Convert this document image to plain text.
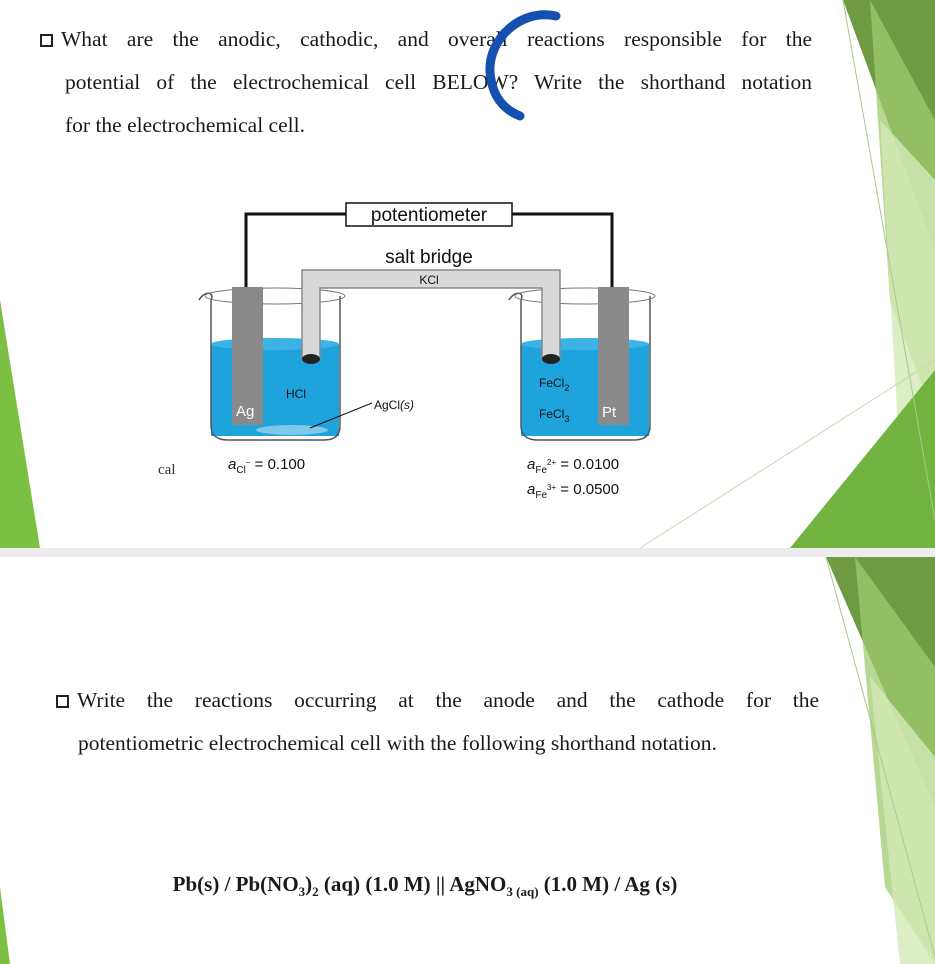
What are the anodic, cathodic, and overall reactions responsible for the
potential of the electrochemical cell BELOW? Write the shorthand notation
for the electrochemical cell.
potentiometer
salt bridge
KCl
Ag	Pt
HCl
FeCl$_2$
FeCl$_3$
AgCl(s)
$a_{Cl}^- = 0.100$	$a_{Fe}^{2+} = 0.0100$
$a_{Fe}^{3+} = 0.0500$
cal
Write the reactions occurring at the anode and the cathode for the
potentiometric electrochemical cell with the following shorthand notation.
$Pb(s) / Pb(NO_3)_2$ (aq) (1.0 M) || AgNO$_{3 (aq)}$ (1.0 M) / Ag (s)
